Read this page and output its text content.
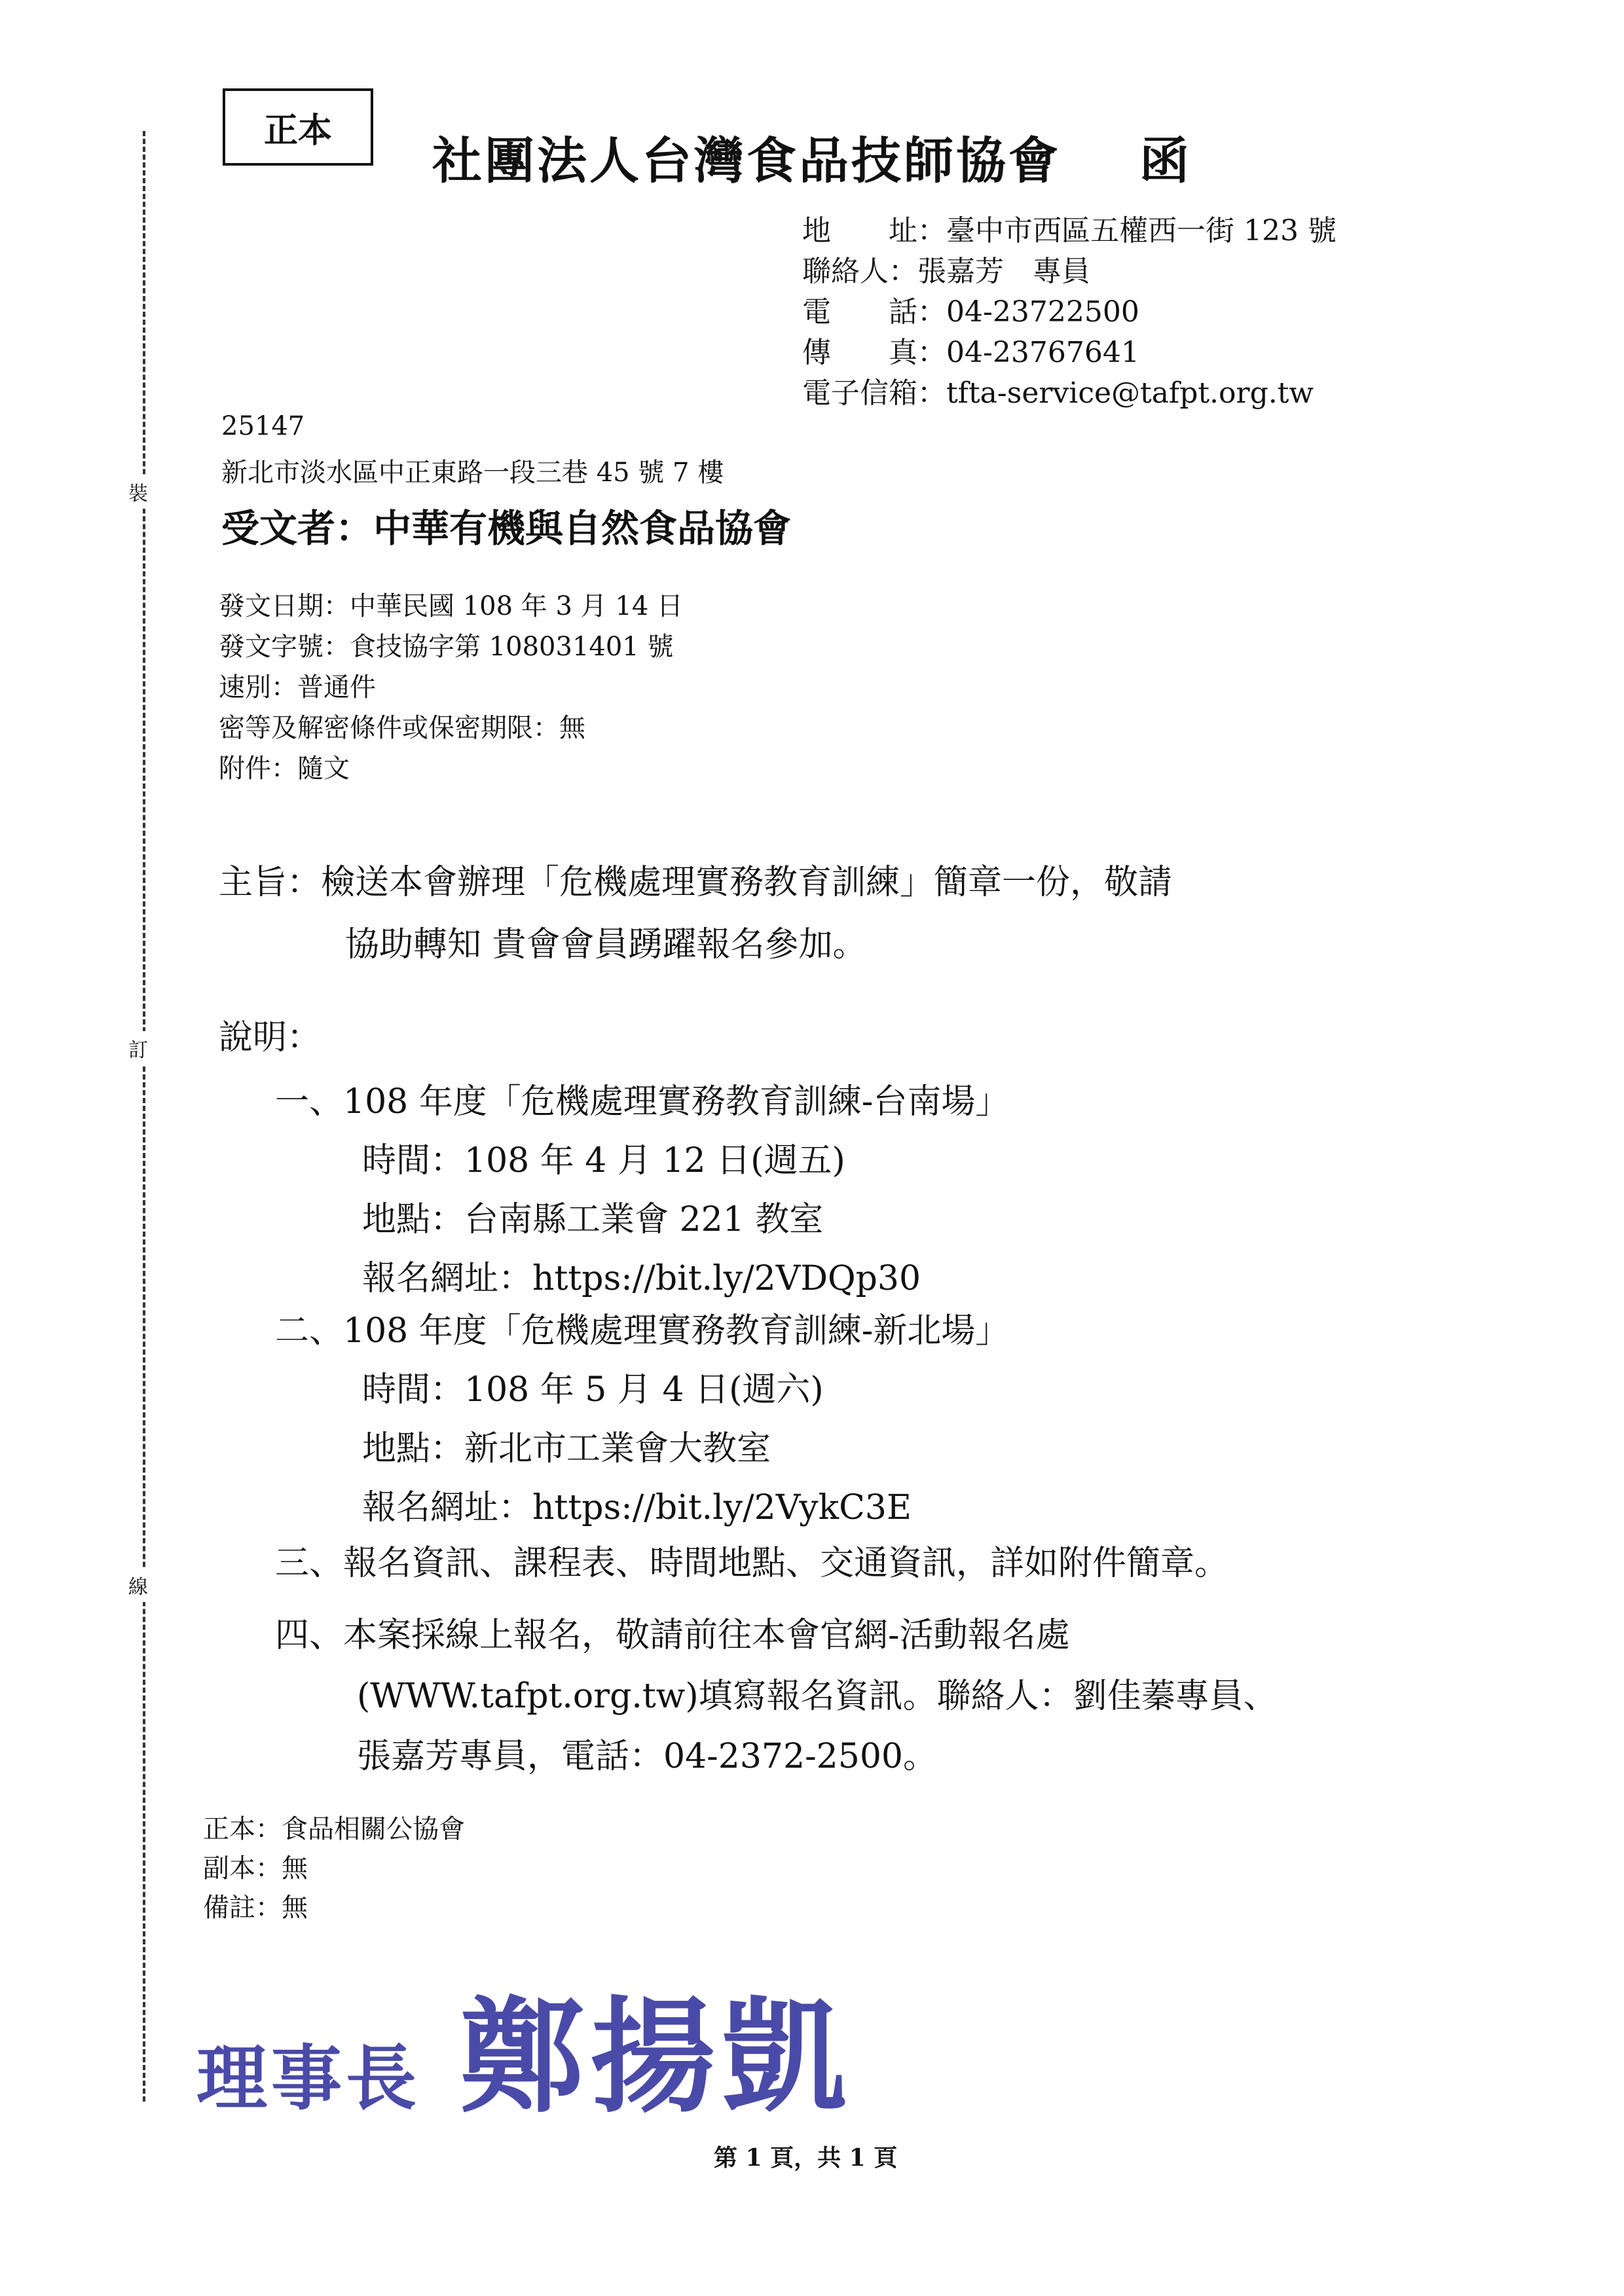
裝
訂
線
正本
社團法人台灣食品技師協會 函
地　　址：臺中市西區五權西一街 123 號
聯絡人：張嘉芳　專員
電　　話：04-23722500
傳　　真：04-23767641
電子信箱：tfta-service@tafpt.org.tw
25147
新北市淡水區中正東路一段三巷 45 號 7 樓
受文者：中華有機與自然食品協會
發文日期：中華民國 108 年 3 月 14 日
發文字號：食技協字第 108031401 號
速別：普通件
密等及解密條件或保密期限：無
附件：隨文
主旨：檢送本會辦理「危機處理實務教育訓練」簡章一份，敬請
協助轉知 貴會會員踴躍報名參加。
說明：
一、108 年度「危機處理實務教育訓練-台南場」
時間：108 年 4 月 12 日(週五)
地點：台南縣工業會 221 教室
報名網址：https://bit.ly/2VDQp30
二、108 年度「危機處理實務教育訓練-新北場」
時間：108 年 5 月 4 日(週六)
地點：新北市工業會大教室
報名網址：https://bit.ly/2VykC3E
三、報名資訊、課程表、時間地點、交通資訊，詳如附件簡章。
四、本案採線上報名，敬請前往本會官網-活動報名處
(WWW.tafpt.org.tw)填寫報名資訊。聯絡人：劉佳蓁專員、
張嘉芳專員，電話：04-2372-2500。
正本：食品相關公協會
副本：無
備註：無
理事長 鄭揚凱
第 1 頁，共 1 頁
